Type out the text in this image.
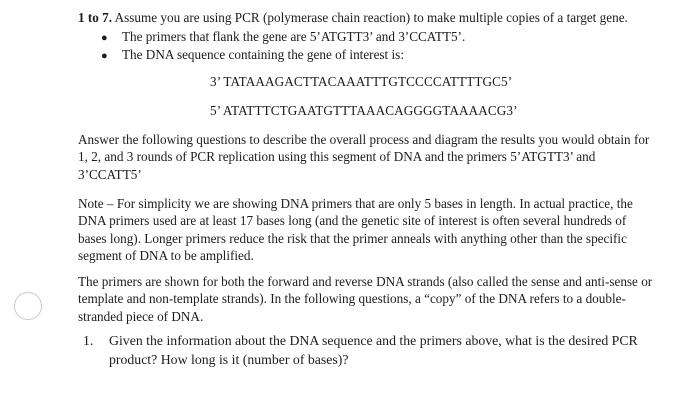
1 to 7. Assume you are using PCR (polymerase chain reaction) to make multiple copies of a target gene.
● The primers that flank the gene are 5’ATGTT3’ and 3’CCATT5’.
● The DNA sequence containing the gene of interest is:
3’ TATAAAGACTTACAAATTTGTCCCCATTTTGC5’
5’ ATATTTCTGAATGTTTAAACAGGGGTAAAACG3’
Answer the following questions to describe the overall process and diagram the results you would obtain for 1, 2, and 3 rounds of PCR replication using this segment of DNA and the primers 5’ATGTT3’ and 3’CCATT5’
Note – For simplicity we are showing DNA primers that are only 5 bases in length. In actual practice, the DNA primers used are at least 17 bases long (and the genetic site of interest is often several hundreds of bases long). Longer primers reduce the risk that the primer anneals with anything other than the specific segment of DNA to be amplified.
The primers are shown for both the forward and reverse DNA strands (also called the sense and anti-sense or template and non-template strands). In the following questions, a “copy” of the DNA refers to a double-stranded piece of DNA.
1. Given the information about the DNA sequence and the primers above, what is the desired PCR
product? How long is it (number of bases)?
